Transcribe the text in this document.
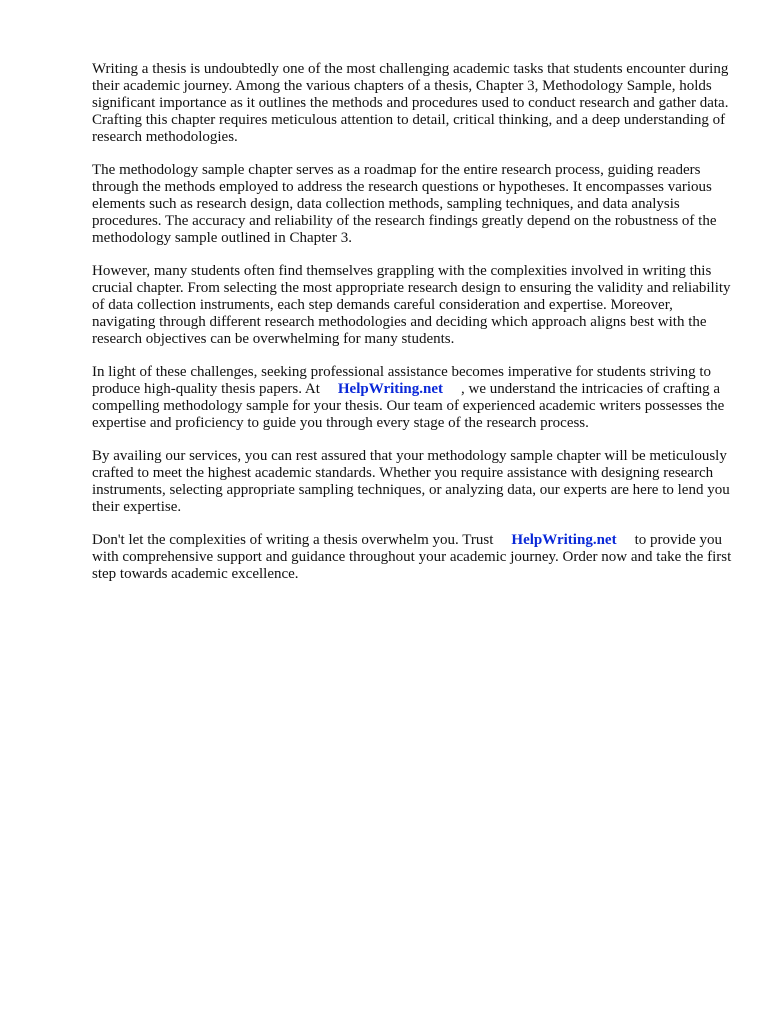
Writing a thesis is undoubtedly one of the most challenging academic tasks that students encounter during their academic journey. Among the various chapters of a thesis, Chapter 3, Methodology Sample, holds significant importance as it outlines the methods and procedures used to conduct research and gather data. Crafting this chapter requires meticulous attention to detail, critical thinking, and a deep understanding of research methodologies.

The methodology sample chapter serves as a roadmap for the entire research process, guiding readers through the methods employed to address the research questions or hypotheses. It encompasses various elements such as research design, data collection methods, sampling techniques, and data analysis procedures. The accuracy and reliability of the research findings greatly depend on the robustness of the methodology sample outlined in Chapter 3.

However, many students often find themselves grappling with the complexities involved in writing this crucial chapter. From selecting the most appropriate research design to ensuring the validity and reliability of data collection instruments, each step demands careful consideration and expertise. Moreover, navigating through different research methodologies and deciding which approach aligns best with the research objectives can be overwhelming for many students.

In light of these challenges, seeking professional assistance becomes imperative for students striving to produce high-quality thesis papers. At HelpWriting.net , we understand the intricacies of crafting a compelling methodology sample for your thesis. Our team of experienced academic writers possesses the expertise and proficiency to guide you through every stage of the research process.

By availing our services, you can rest assured that your methodology sample chapter will be meticulously crafted to meet the highest academic standards. Whether you require assistance with designing research instruments, selecting appropriate sampling techniques, or analyzing data, our experts are here to lend you their expertise.

Don't let the complexities of writing a thesis overwhelm you. Trust HelpWriting.net to provide you with comprehensive support and guidance throughout your academic journey. Order now and take the first step towards academic excellence.
